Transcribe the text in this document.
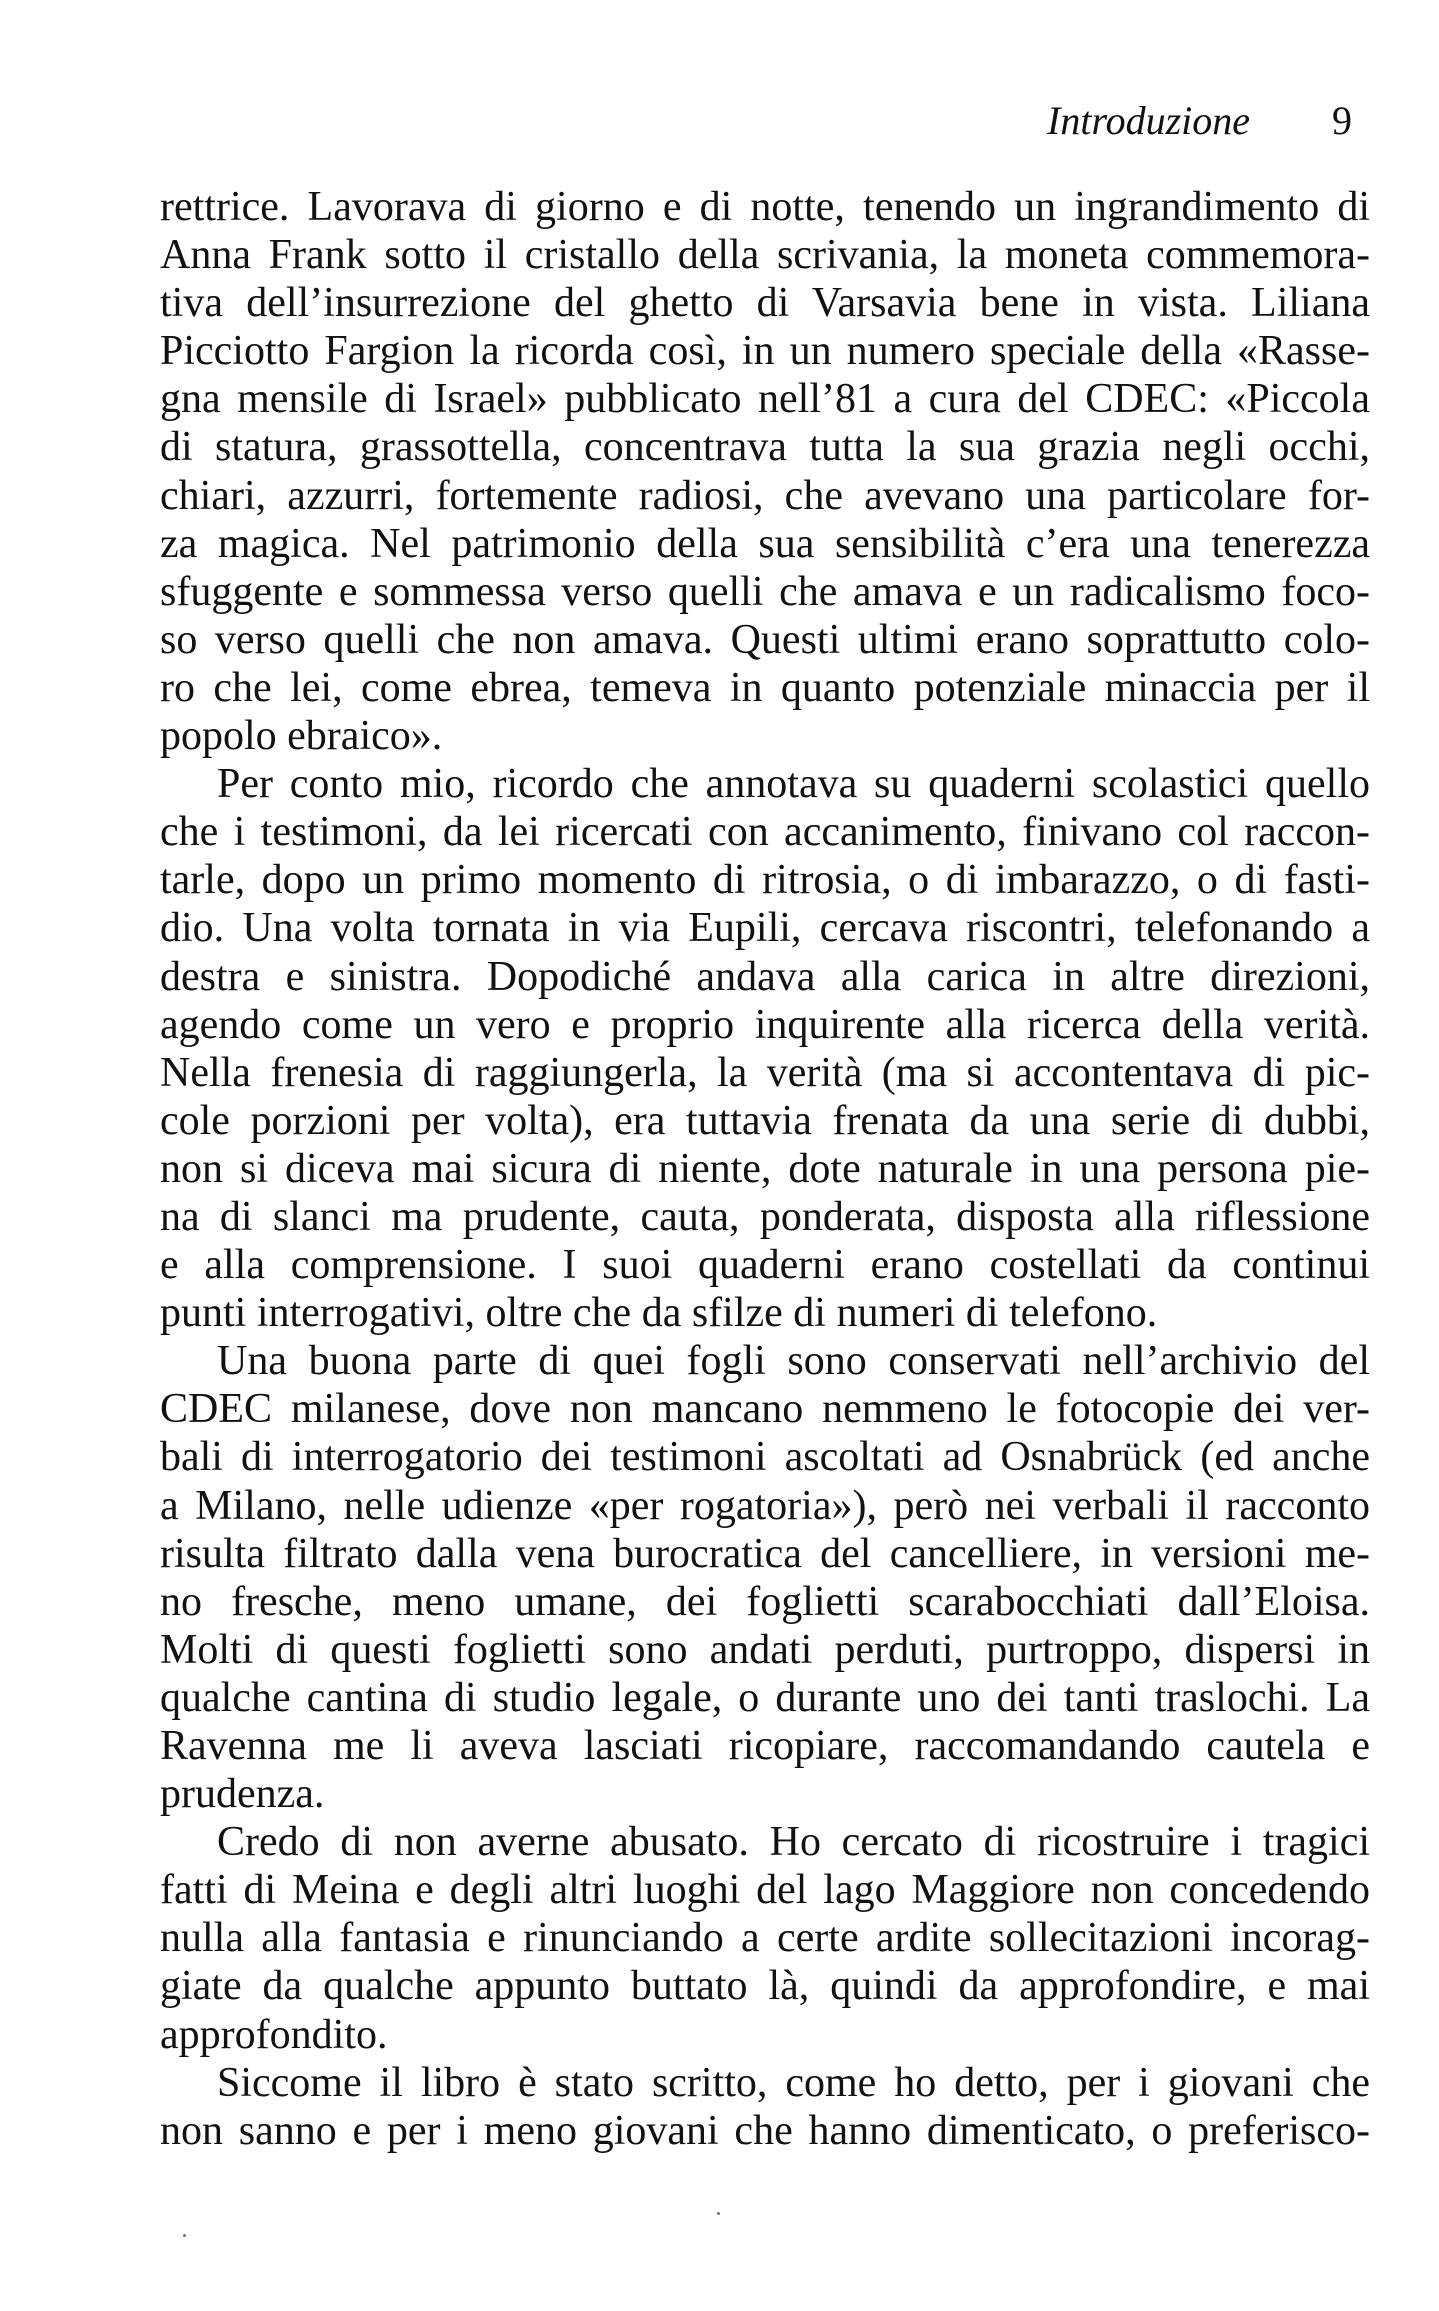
Introduzione 9
rettrice. Lavorava di giorno e di notte, tenendo un ingrandimento di
Anna Frank sotto il cristallo della scrivania, la moneta commemora-
tiva dell’insurrezione del ghetto di Varsavia bene in vista. Liliana
Picciotto Fargion la ricorda così, in un numero speciale della «Rasse-
gna mensile di Israel» pubblicato nell’81 a cura del CDEC: «Piccola
di statura, grassottella, concentrava tutta la sua grazia negli occhi,
chiari, azzurri, fortemente radiosi, che avevano una particolare for-
za magica. Nel patrimonio della sua sensibilità c’era una tenerezza
sfuggente e sommessa verso quelli che amava e un radicalismo foco-
so verso quelli che non amava. Questi ultimi erano soprattutto colo-
ro che lei, come ebrea, temeva in quanto potenziale minaccia per il
popolo ebraico».
Per conto mio, ricordo che annotava su quaderni scolastici quello
che i testimoni, da lei ricercati con accanimento, finivano col raccon-
tarle, dopo un primo momento di ritrosia, o di imbarazzo, o di fasti-
dio. Una volta tornata in via Eupili, cercava riscontri, telefonando a
destra e sinistra. Dopodiché andava alla carica in altre direzioni,
agendo come un vero e proprio inquirente alla ricerca della verità.
Nella frenesia di raggiungerla, la verità (ma si accontentava di pic-
cole porzioni per volta), era tuttavia frenata da una serie di dubbi,
non si diceva mai sicura di niente, dote naturale in una persona pie-
na di slanci ma prudente, cauta, ponderata, disposta alla riflessione
e alla comprensione. I suoi quaderni erano costellati da continui
punti interrogativi, oltre che da sfilze di numeri di telefono.
Una buona parte di quei fogli sono conservati nell’archivio del
CDEC milanese, dove non mancano nemmeno le fotocopie dei ver-
bali di interrogatorio dei testimoni ascoltati ad Osnabrück (ed anche
a Milano, nelle udienze «per rogatoria»), però nei verbali il racconto
risulta filtrato dalla vena burocratica del cancelliere, in versioni me-
no fresche, meno umane, dei foglietti scarabocchiati dall’Eloisa.
Molti di questi foglietti sono andati perduti, purtroppo, dispersi in
qualche cantina di studio legale, o durante uno dei tanti traslochi. La
Ravenna me li aveva lasciati ricopiare, raccomandando cautela e
prudenza.
Credo di non averne abusato. Ho cercato di ricostruire i tragici
fatti di Meina e degli altri luoghi del lago Maggiore non concedendo
nulla alla fantasia e rinunciando a certe ardite sollecitazioni incorag-
giate da qualche appunto buttato là, quindi da approfondire, e mai
approfondito.
Siccome il libro è stato scritto, come ho detto, per i giovani che
non sanno e per i meno giovani che hanno dimenticato, o preferisco-
